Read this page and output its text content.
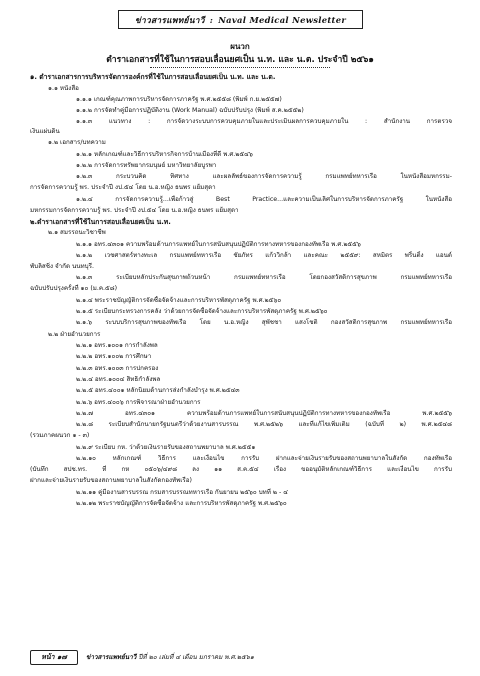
ข่าวสารแพทย์นาวี : Naval Medical Newsletter
ผนวก
ตำราเอกสารที่ใช้ในการสอบเลื่อนยศเป็น น.ท. และ น.ต. ประจำปี ๒๕๖๑
๑. ตำราเอกสารการบริหารจัดการองค์กรที่ใช้ในการสอบเลื่อนยศเป็น น.ท. และ น.ต.
๑.๑ หนังสือ
๑.๑.๑ เกณฑ์คุณภาพการบริหารจัดการภาครัฐ พ.ศ.๒๕๕๘ (พิมพ์ ก.ย.๒๕๕๗)
๑.๑.๒ การจัดทำคู่มือการปฏิบัติงาน (Work Manual) ฉบับปรับปรุง (พิมพ์ ส.ค.๒๕๕๒)
๑.๑.๓ แนวทาง : การจัดวางระบบการควบคุมภายในและประเมินผลการควบคุมภายใน : สำนักงาน การตรวจ
เงินแผ่นดิน
๑.๒ เอกสาร/บทความ
๑.๒.๑ หลักเกณฑ์และวิธีการบริหารกิจการบ้านเมืองที่ดี พ.ศ.๒๕๔๖
๑.๒.๒ การจัดการทรัพยากรมนุษย์ มหาวิทยาลัยบูรพา
๑.๒.๓ กระบวนคิด ทิศทาง และผลลัพธ์ของการจัดการความรู้ กรมแพทย์ทหารเรือ ในหนังสือมหกรรม-
การจัดการความรู้ พร. ประจำปี งป.๕๔ โดย น.อ.หญิง ธนพร แย้มสุดา
๑.๒.๔ การจัดการความรู้...เพื่อก้าวสู่ Best Practice...และความเป็นเลิศในการบริหารจัดการภาครัฐ ในหนังสือ
มหกรรมการจัดการความรู้ พร. ประจำปี งป.๕๔ โดย น.อ.หญิง ธนพร แย้มสุดา
๒.ตำราเอกสารที่ใช้ในการสอบเลื่อนยศเป็น น.ท.
๒.๑ สมรรถนะวิชาชีพ
๒.๑.๑ อทร.๔๓๐๑ ความพร้อมด้านการแพทย์ในการสนับสนุนปฏิบัติการทางทหารของกองทัพเรือ พ.ศ.๒๕๕๖
๒.๑.๒ เวชศาสตร์ทางทะเล กรมแพทย์ทหารเรือ ชัยภัทร แก้ววิกล้า และคณะ ๒๕๕๙: สหมิตร พริ้นติ้ง แอนด์
พับลิสชิ่ง จำกัด นนทบุรี.
๒.๑.๓ ระเบียบหลักประกันสุขภาพถ้วนหน้า กรมแพทย์ทหารเรือ โดยกองสวัสดิการสุขภาพ กรมแพทย์ทหารเรือ
ฉบับปรับปรุงครั้งที่ ๑๐ (ม.ค.๕๘)
๒.๑.๔ พระราชบัญญัติการจัดซื้อจัดจ้างและการบริหารพัสดุภาครัฐ พ.ศ.๒๕๖๐
๒.๑.๕ ระเบียบกระทรวงการคลัง ว่าด้วยการจัดซื้อจัดจ้างและการบริหารพัสดุภาครัฐ พ.ศ.๒๕๖๐
๒.๑.๖ ระบบบริการสุขภาพของทัพเรือ โดย น.อ.หญิง สุพัชชา แสงโชติ กองสวัสดิการสุขภาพ กรมแพทย์ทหารเรือ
๒.๒ ฝ่ายอำนวยการ
๒.๒.๑ อทร.๑๐๐๑ การกำลังพล
๒.๒.๒ อทร.๑๐๐๒ การศึกษา
๒.๒.๓ อทร.๑๐๐๓ การปกครอง
๒.๒.๔ อทร.๑๐๐๔ สิทธิกำลังพล
๒.๒.๕ อทร.๔๐๐๑ หลักนิยมด้านการส่งกำลังบำรุง พ.ศ.๒๕๔๓
๒.๒.๖ อทร.๔๐๐๖ การพิจารณาฝ่ายอำนวยการ
๒.๒.๗ อทร.๔๓๐๑ ความพร้อมด้านการแพทย์ในการสนับสนุนปฏิบัติการทางทหารของกองทัพเรือ พ.ศ.๒๕๕๖
๒.๒.๘ ระเบียบสำนักนายกรัฐมนตรีว่าด้วยงานสารบรรณ พ.ศ.๒๕๒๖ และที่แก้ไขเพิ่มเติม (ฉบับที่ ๒) พ.ศ.๒๕๔๘
(รวมภาคผนวก ๑ - ๓)
๒.๒.๙ ระเบียบ กห. ว่าด้วยเงินรายรับของสถานพยาบาล พ.ศ.๒๕๕๑
๒.๒.๑๐ หลักเกณฑ์ วิธีการ และเงื่อนไข การรับ ฝากและจ่ายเงินรายรับของสถานพยาบาลในสังกัด กองทัพเรือ
(บันทึก สปช.ทร. ที่ กห ๐๕๐๖/๔๙๘ ลง ๑๑ ส.ค.๕๔ เรื่อง ขออนุมัติหลักเกณฑ์วิธีการ และเงื่อนไข การรับ
ฝากและจ่ายเงินรายรับของสถานพยาบาลในสังกัดกองทัพเรือ)
๒.๒.๑๑ คู่มืองานสารบรรณ กรมสารบรรณทหารเรือ กันยายน ๒๕๖๐ บทที่ ๒ - ๔
๒.๒.๑๒ พระราชบัญญัติการจัดซื้อจัดจ้าง และการบริหารพัสดุภาครัฐ พ.ศ.๒๕๖๐
หน้า ๑๗	ข่าวสารแพทย์นาวี ปีที่ ๒๐ เล่มที่ ๔ เดือน มกราคม พ.ศ.๒๕๖๑
